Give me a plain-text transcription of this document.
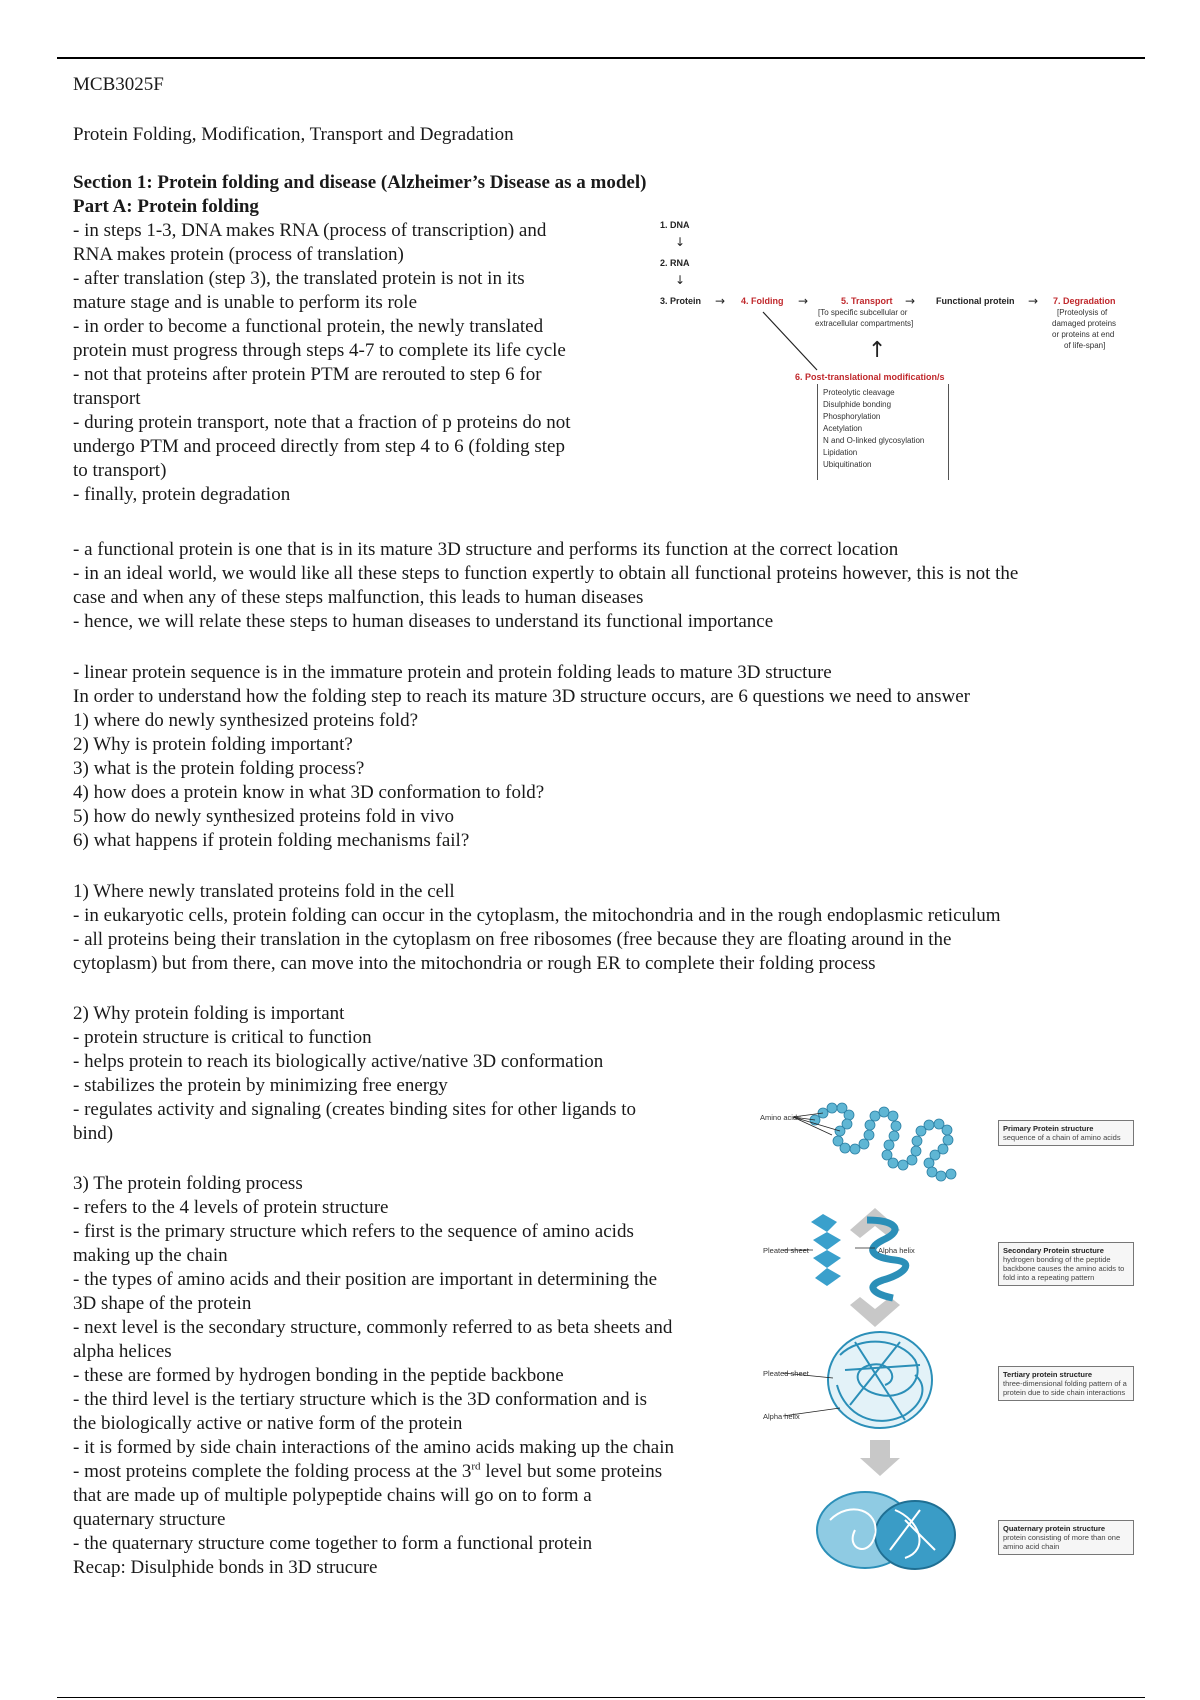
MCB3025F

Protein Folding, Modification, Transport and Degradation

Section 1: Protein folding and disease (Alzheimer’s Disease as a model)
Part A: Protein folding
- in steps 1-3, DNA makes RNA (process of transcription) and
RNA makes protein (process of translation)
- after translation (step 3), the translated protein is not in its
mature stage and is unable to perform its role
- in order to become a functional protein, the newly translated
protein must progress through steps 4-7 to complete its life cycle
- not that proteins after protein PTM are rerouted to step 6 for
transport
- during protein transport, note that a fraction of p proteins do not
undergo PTM and proceed directly from step 4 to 6 (folding step
to transport)
- finally, protein degradation
1. DNA
↓
2. RNA
↓
3. Protein → 4. Folding →	5. Transport
[To specific subcellular or
extracellular compartments]
→ Functional protein → 7. Degradation
[Proteolysis of
damaged proteins
or proteins at end
of life-span]
↑
6. Post-translational modification/s
Proteolytic cleavage
Disulphide bonding
Phosphorylation
Acetylation
N and O-linked glycosylation
Lipidation
Ubiquitination
- a functional protein is one that is in its mature 3D structure and performs its function at the correct location
- in an ideal world, we would like all these steps to function expertly to obtain all functional proteins however, this is not the
case and when any of these steps malfunction, this leads to human diseases
- hence, we will relate these steps to human diseases to understand its functional importance
- linear protein sequence is in the immature protein and protein folding leads to mature 3D structure
In order to understand how the folding step to reach its mature 3D structure occurs, are 6 questions we need to answer
1) where do newly synthesized proteins fold?
2) Why is protein folding important?
3) what is the protein folding process?
4) how does a protein know in what 3D conformation to fold?
5) how do newly synthesized proteins fold in vivo
6) what happens if protein folding mechanisms fail?
1) Where newly translated proteins fold in the cell
- in eukaryotic cells, protein folding can occur in the cytoplasm, the mitochondria and in the rough endoplasmic reticulum
- all proteins being their translation in the cytoplasm on free ribosomes (free because they are floating around in the
cytoplasm) but from there, can move into the mitochondria or rough ER to complete their folding process
2) Why protein folding is important
- protein structure is critical to function
- helps protein to reach its biologically active/native 3D conformation
- stabilizes the protein by minimizing free energy
- regulates activity and signaling (creates binding sites for other ligands to
bind)
3) The protein folding process
- refers to the 4 levels of protein structure
- first is the primary structure which refers to the sequence of amino acids
making up the chain
- the types of amino acids and their position are important in determining the
3D shape of the protein
- next level is the secondary structure, commonly referred to as beta sheets and
alpha helices
- these are formed by hydrogen bonding in the peptide backbone
- the third level is the tertiary structure which is the 3D conformation and is
the biologically active or native form of the protein
- it is formed by side chain interactions of the amino acids making up the chain
- most proteins complete the folding process at the 3rd level but some proteins
that are made up of multiple polypeptide chains will go on to form a
quaternary structure
- the quaternary structure come together to form a functional protein
Recap: Disulphide bonds in 3D strucure
Amino acids
Pleated sheet	Alpha helix
Pleated sheet
Alpha helix
Primary Protein structure
sequence of a chain of amino acids
Secondary Protein structure
hydrogen bonding of the peptide backbone causes the amino acids to fold into a repeating pattern
Tertiary protein structure
three-dimensional folding pattern of a protein due to side chain interactions
Quaternary protein structure
protein consisting of more than one amino acid chain
